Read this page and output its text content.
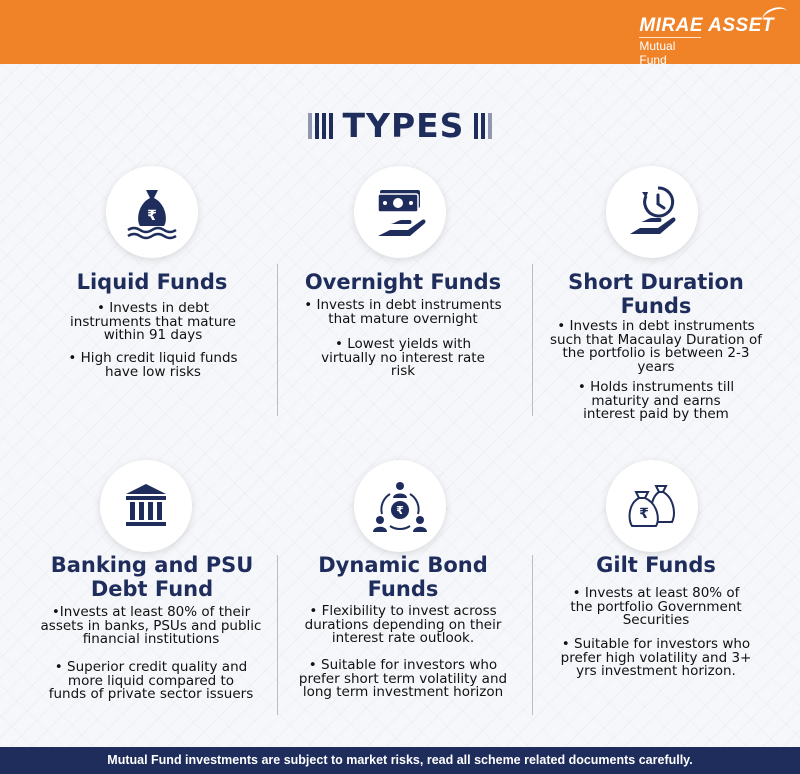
MIRAE ASSET
Mutual Fund
TYPES
₹
Liquid Funds
• Invests in debt instruments that mature within 91 days
• High credit liquid funds have low risks
Overnight Funds
• Invests in debt instruments that mature overnight
• Lowest yields with virtually no interest rate risk
Short Duration
Funds
• Invests in debt instruments such that Macaulay Duration of the portfolio is between 2-3 years
• Holds instruments till maturity and earns interest paid by them
Banking and PSU
Debt Fund
•Invests at least 80% of their assets in banks, PSUs and public financial institutions
• Superior credit quality and more liquid compared to funds of private sector issuers
₹
Dynamic Bond
Funds
• Flexibility to invest across durations depending on their interest rate outlook.
• Suitable for investors who prefer short term volatility and long term investment horizon
₹
Gilt Funds
• Invests at least 80% of the portfolio Government Securities
• Suitable for investors who prefer high volatility and 3+ yrs investment horizon.
Mutual Fund investments are subject to market risks, read all scheme related documents carefully.
